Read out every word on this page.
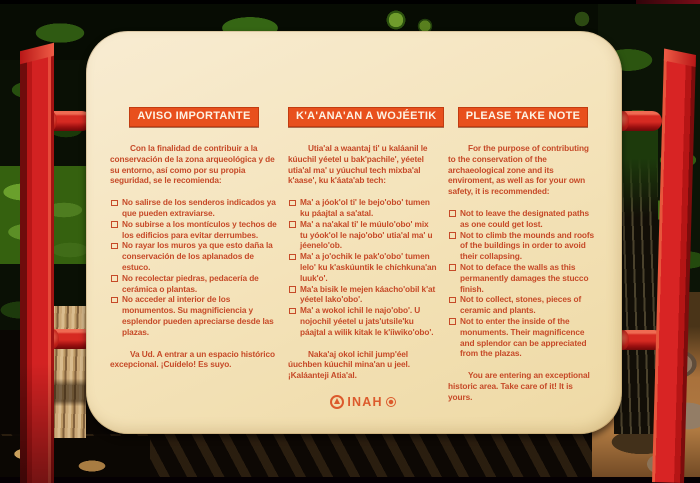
AVISO IMPORTANTE

Con la finalidad de contribuir a la conservación de la zona arqueológica y de su entorno, así como por su propia seguridad, se le recomienda:

No salirse de los senderos indicados ya que pueden extraviarse.
No subirse a los montículos y techos de los edificios para evitar derrumbes.
No rayar los muros ya que esto daña la conservación de los aplanados de estuco.
No recolectar piedras, pedacería de cerámica o plantas.
No acceder al interior de los monumentos. Su magnificiencia y esplendor pueden apreciarse desde las plazas.

Va Ud. A entrar a un espacio histórico excepcional. ¡Cuídelo! Es suyo.

K'A'ANA'AN A WOJÉETIK

Utia'al a waantaj ti' u kaláanil le kúuchil yéetel u bak'pachile', yéetel utia'al ma' u yúuchul tech mixba'al k'aase', ku k'áata'ab tech:

Ma' a jóok'ol ti' le bejo'obo' tumen ku páajtal a sa'atal.
Ma' a na'akal ti' le múulo'obo' mix tu yóok'ol le najo'obo' utia'al ma' u jéenelo'ob.
Ma' a jo'ochik le pak'o'obo' tumen lelo' ku k'askúuntik le chíchkuna'an luuk'o'.
Ma'a bisik le mejen káacho'obil k'at yéetel lako'obo'.
Ma' a wokol ichil le najo'obo'. U nojochil yéetel u jats'utsile'ku páajtal a wilik kitak le k'íiwiko'obo'.

Naka'aj okol ichil jump'éel úuchben kúuchil mina'an u jeel. ¡Kaláanteji Atia'al.

INAH
PLEASE TAKE NOTE

For the purpose of contributing to the conservation of the archaeological zone and its enviroment, as well as for your own safety, it is recommended:

Not to leave the designated paths as one could get lost.
Not to climb the mounds and roofs of the buildings in order to avoid their collapsing.
Not to deface the walls as this permanently damages the stucco finish.
Not to collect, stones, pieces of ceramic and plants.
Not to enter the inside of the monuments. Their magnificence and splendor can be appreciated from the plazas.

You are entering an exceptional historic area. Take care of it! It is yours.
